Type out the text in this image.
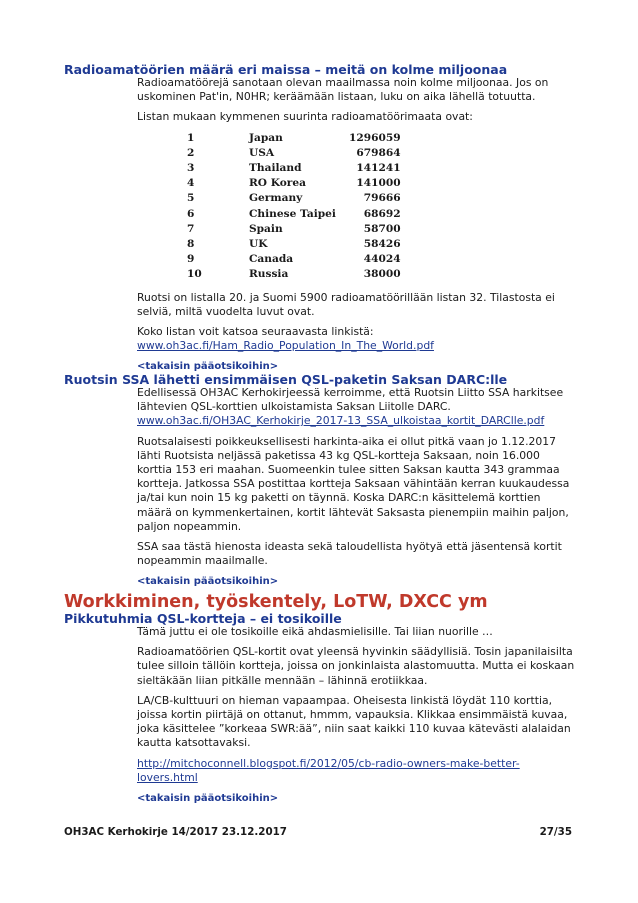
Radioamatöörien määrä eri maissa – meitä on kolme miljoonaa

Radioamatöörejä sanotaan olevan maailmassa noin kolme miljoonaa. Jos on uskominen Pat'in, N0HR; keräämään listaan, luku on aika lähellä totuutta.

Listan mukaan kymmenen suurinta radioamatöörimaata ovat:

1	Japan	1296059
2	USA	679864
3	Thailand	141241
4	RO Korea	141000
5	Germany	79666
6	Chinese Taipei	68692
7	Spain	58700
8	UK	58426
9	Canada	44024
10	Russia	38000

Ruotsi on listalla 20. ja Suomi 5900 radioamatöörillään listan 32. Tilastosta ei selviä, miltä vuodelta luvut ovat.

Koko listan voit katsoa seuraavasta linkistä:

www.oh3ac.fi/Ham_Radio_Population_In_The_World.pdf

<takaisin pääotsikoihin>

Ruotsin SSA lähetti ensimmäisen QSL-paketin Saksan DARC:lle

Edellisessä OH3AC Kerhokirjeessä kerroimme, että Ruotsin Liitto SSA harkitsee lähtevien QSL-korttien ulkoistamista Saksan Liitolle DARC.

www.oh3ac.fi/OH3AC_Kerhokirje_2017-13_SSA_ulkoistaa_kortit_DARClle.pdf

Ruotsalaisesti poikkeuksellisesti harkinta-aika ei ollut pitkä vaan jo 1.12.2017 lähti Ruotsista neljässä paketissa 43 kg QSL-kortteja Saksaan, noin 16.000 korttia 153 eri maahan. Suomeenkin tulee sitten Saksan kautta 343 grammaa kortteja. Jatkossa SSA postittaa kortteja Saksaan vähintään kerran kuukaudessa ja/tai kun noin 15 kg paketti on täynnä. Koska DARC:n käsittelemä korttien määrä on kymmenkertainen, kortit lähtevät Saksasta pienempiin maihin paljon, paljon nopeammin.

SSA saa tästä hienosta ideasta sekä taloudellista hyötyä että jäsentensä kortit nopeammin maailmalle.

<takaisin pääotsikoihin>

Workkiminen, työskentely, LoTW, DXCC ym
Pikkutuhmia QSL-kortteja – ei tosikoille

Tämä juttu ei ole tosikoille eikä ahdasmielisille. Tai liian nuorille …

Radioamatöörien QSL-kortit ovat yleensä hyvinkin säädyllisiä. Tosin japanilaisilta tulee silloin tällöin kortteja, joissa on jonkinlaista alastomuutta. Mutta ei koskaan sieltäkään liian pitkälle mennään – lähinnä erotiikkaa.

LA/CB-kulttuuri on hieman vapaampaa. Oheisesta linkistä löydät 110 korttia, joissa kortin piirtäjä on ottanut, hmmm, vapauksia. Klikkaa ensimmäistä kuvaa, joka käsittelee ”korkeaa SWR:ää”, niin saat kaikki 110 kuvaa kätevästi alalaidan kautta katsottavaksi.

http://mitchoconnell.blogspot.fi/2012/05/cb-radio-owners-make-better-lovers.html

<takaisin pääotsikoihin>

OH3AC Kerhokirje 14/2017 23.12.2017	27/35
